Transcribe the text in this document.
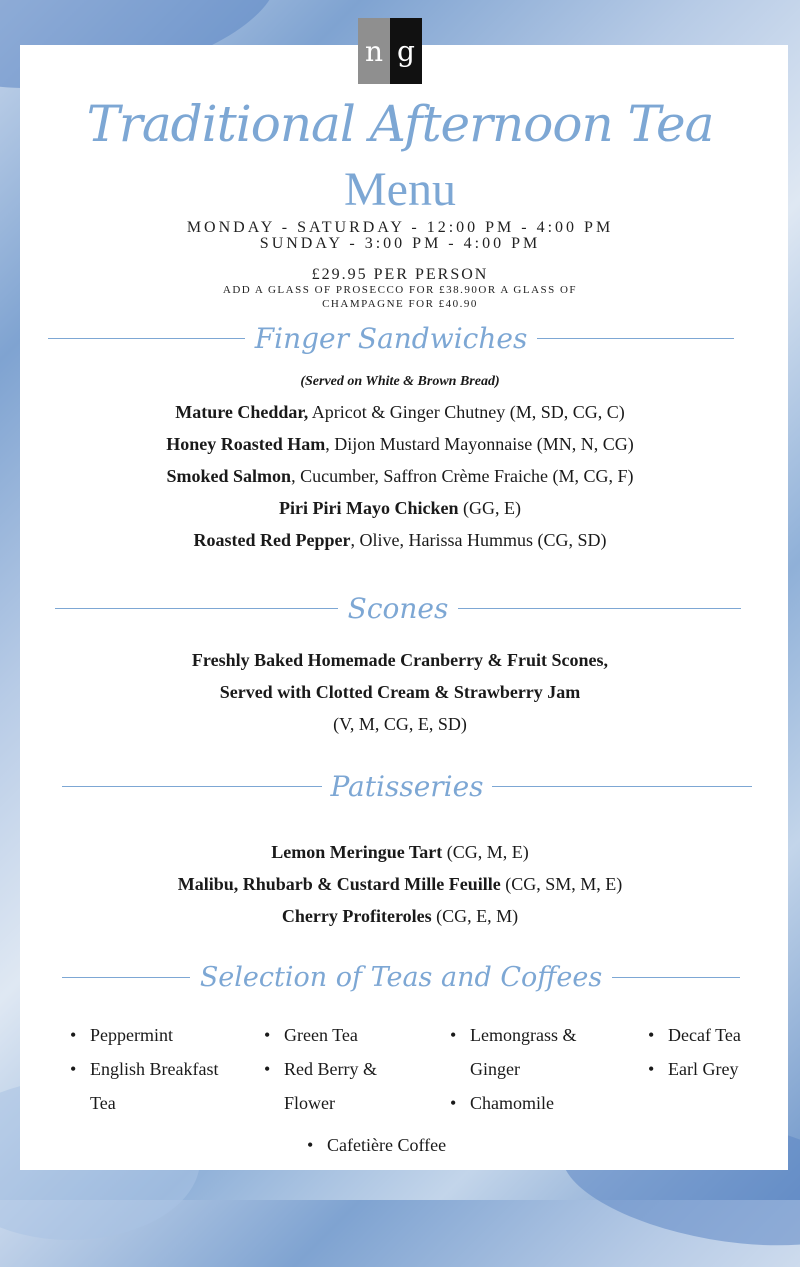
n g
Traditional Afternoon Tea
Menu
MONDAY - SATURDAY - 12:00 PM - 4:00 PM
SUNDAY - 3:00 PM - 4:00 PM
£29.95 PER PERSON
ADD A GLASS OF PROSECCO FOR £38.90OR A GLASS OF
CHAMPAGNE FOR £40.90
Finger Sandwiches
(Served on White & Brown Bread)
Mature Cheddar, Apricot & Ginger Chutney (M, SD, CG, C)
Honey Roasted Ham, Dijon Mustard Mayonnaise (MN, N, CG)
Smoked Salmon, Cucumber, Saffron Crème Fraiche (M, CG, F)
Piri Piri Mayo Chicken (GG, E)
Roasted Red Pepper, Olive, Harissa Hummus (CG, SD)
Scones
Freshly Baked Homemade Cranberry & Fruit Scones,
Served with Clotted Cream & Strawberry Jam
(V, M, CG, E, SD)
Patisseries
Lemon Meringue Tart (CG, M, E)
Malibu, Rhubarb & Custard Mille Feuille (CG, SM, M, E)
Cherry Profiteroles (CG, E, M)
Selection of Teas and Coffees
• Peppermint
• English Breakfast Tea
• Green Tea
• Red Berry & Flower
• Lemongrass & Ginger
• Chamomile
• Decaf Tea
• Earl Grey
• Cafetière Coffee
